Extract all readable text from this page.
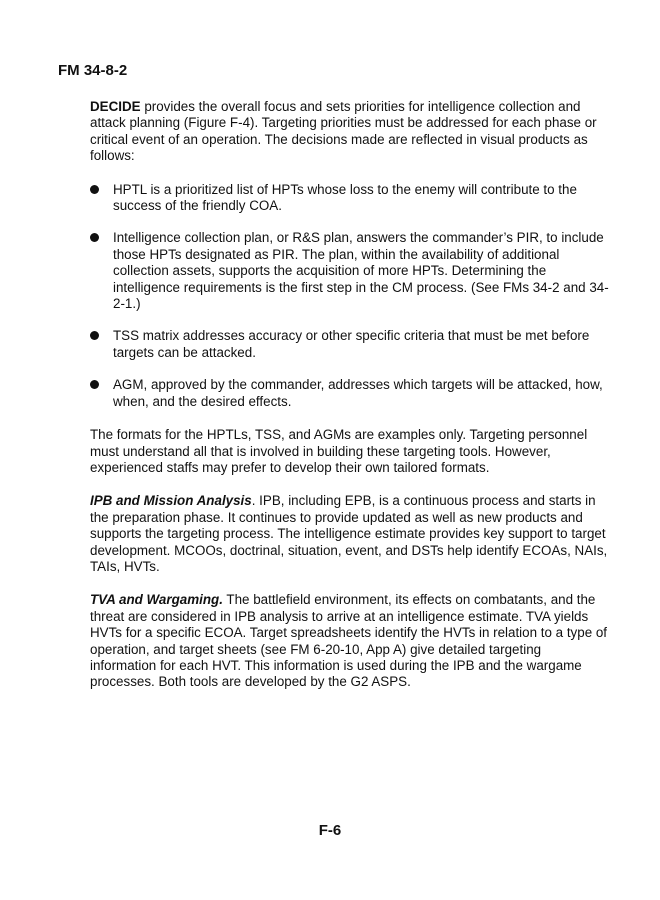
FM 34-8-2

DECIDE provides the overall focus and sets priorities for intelligence collection and attack planning (Figure F-4). Targeting priorities must be addressed for each phase or critical event of an operation. The decisions made are reflected in visual products as follows:

HPTL is a prioritized list of HPTs whose loss to the enemy will contribute to the success of the friendly COA.
Intelligence collection plan, or R&S plan, answers the commander’s PIR, to include those HPTs designated as PIR. The plan, within the availability of additional collection assets, supports the acquisition of more HPTs. Determining the intelligence requirements is the first step in the CM process. (See FMs 34-2 and 34-2-1.)
TSS matrix addresses accuracy or other specific criteria that must be met before targets can be attacked.
AGM, approved by the commander, addresses which targets will be attacked, how, when, and the desired effects.

The formats for the HPTLs, TSS, and AGMs are examples only. Targeting personnel must understand all that is involved in building these targeting tools. However, experienced staffs may prefer to develop their own tailored formats.

IPB and Mission Analysis. IPB, including EPB, is a continuous process and starts in the preparation phase. It continues to provide updated as well as new products and supports the targeting process. The intelligence estimate provides key support to target development. MCOOs, doctrinal, situation, event, and DSTs help identify ECOAs, NAIs, TAIs, HVTs.

TVA and Wargaming. The battlefield environment, its effects on combatants, and the threat are considered in IPB analysis to arrive at an intelligence estimate. TVA yields HVTs for a specific ECOA. Target spreadsheets identify the HVTs in relation to a type of operation, and target sheets (see FM 6-20-10, App A) give detailed targeting information for each HVT. This information is used during the IPB and the wargame processes. Both tools are developed by the G2 ASPS.

F-6
